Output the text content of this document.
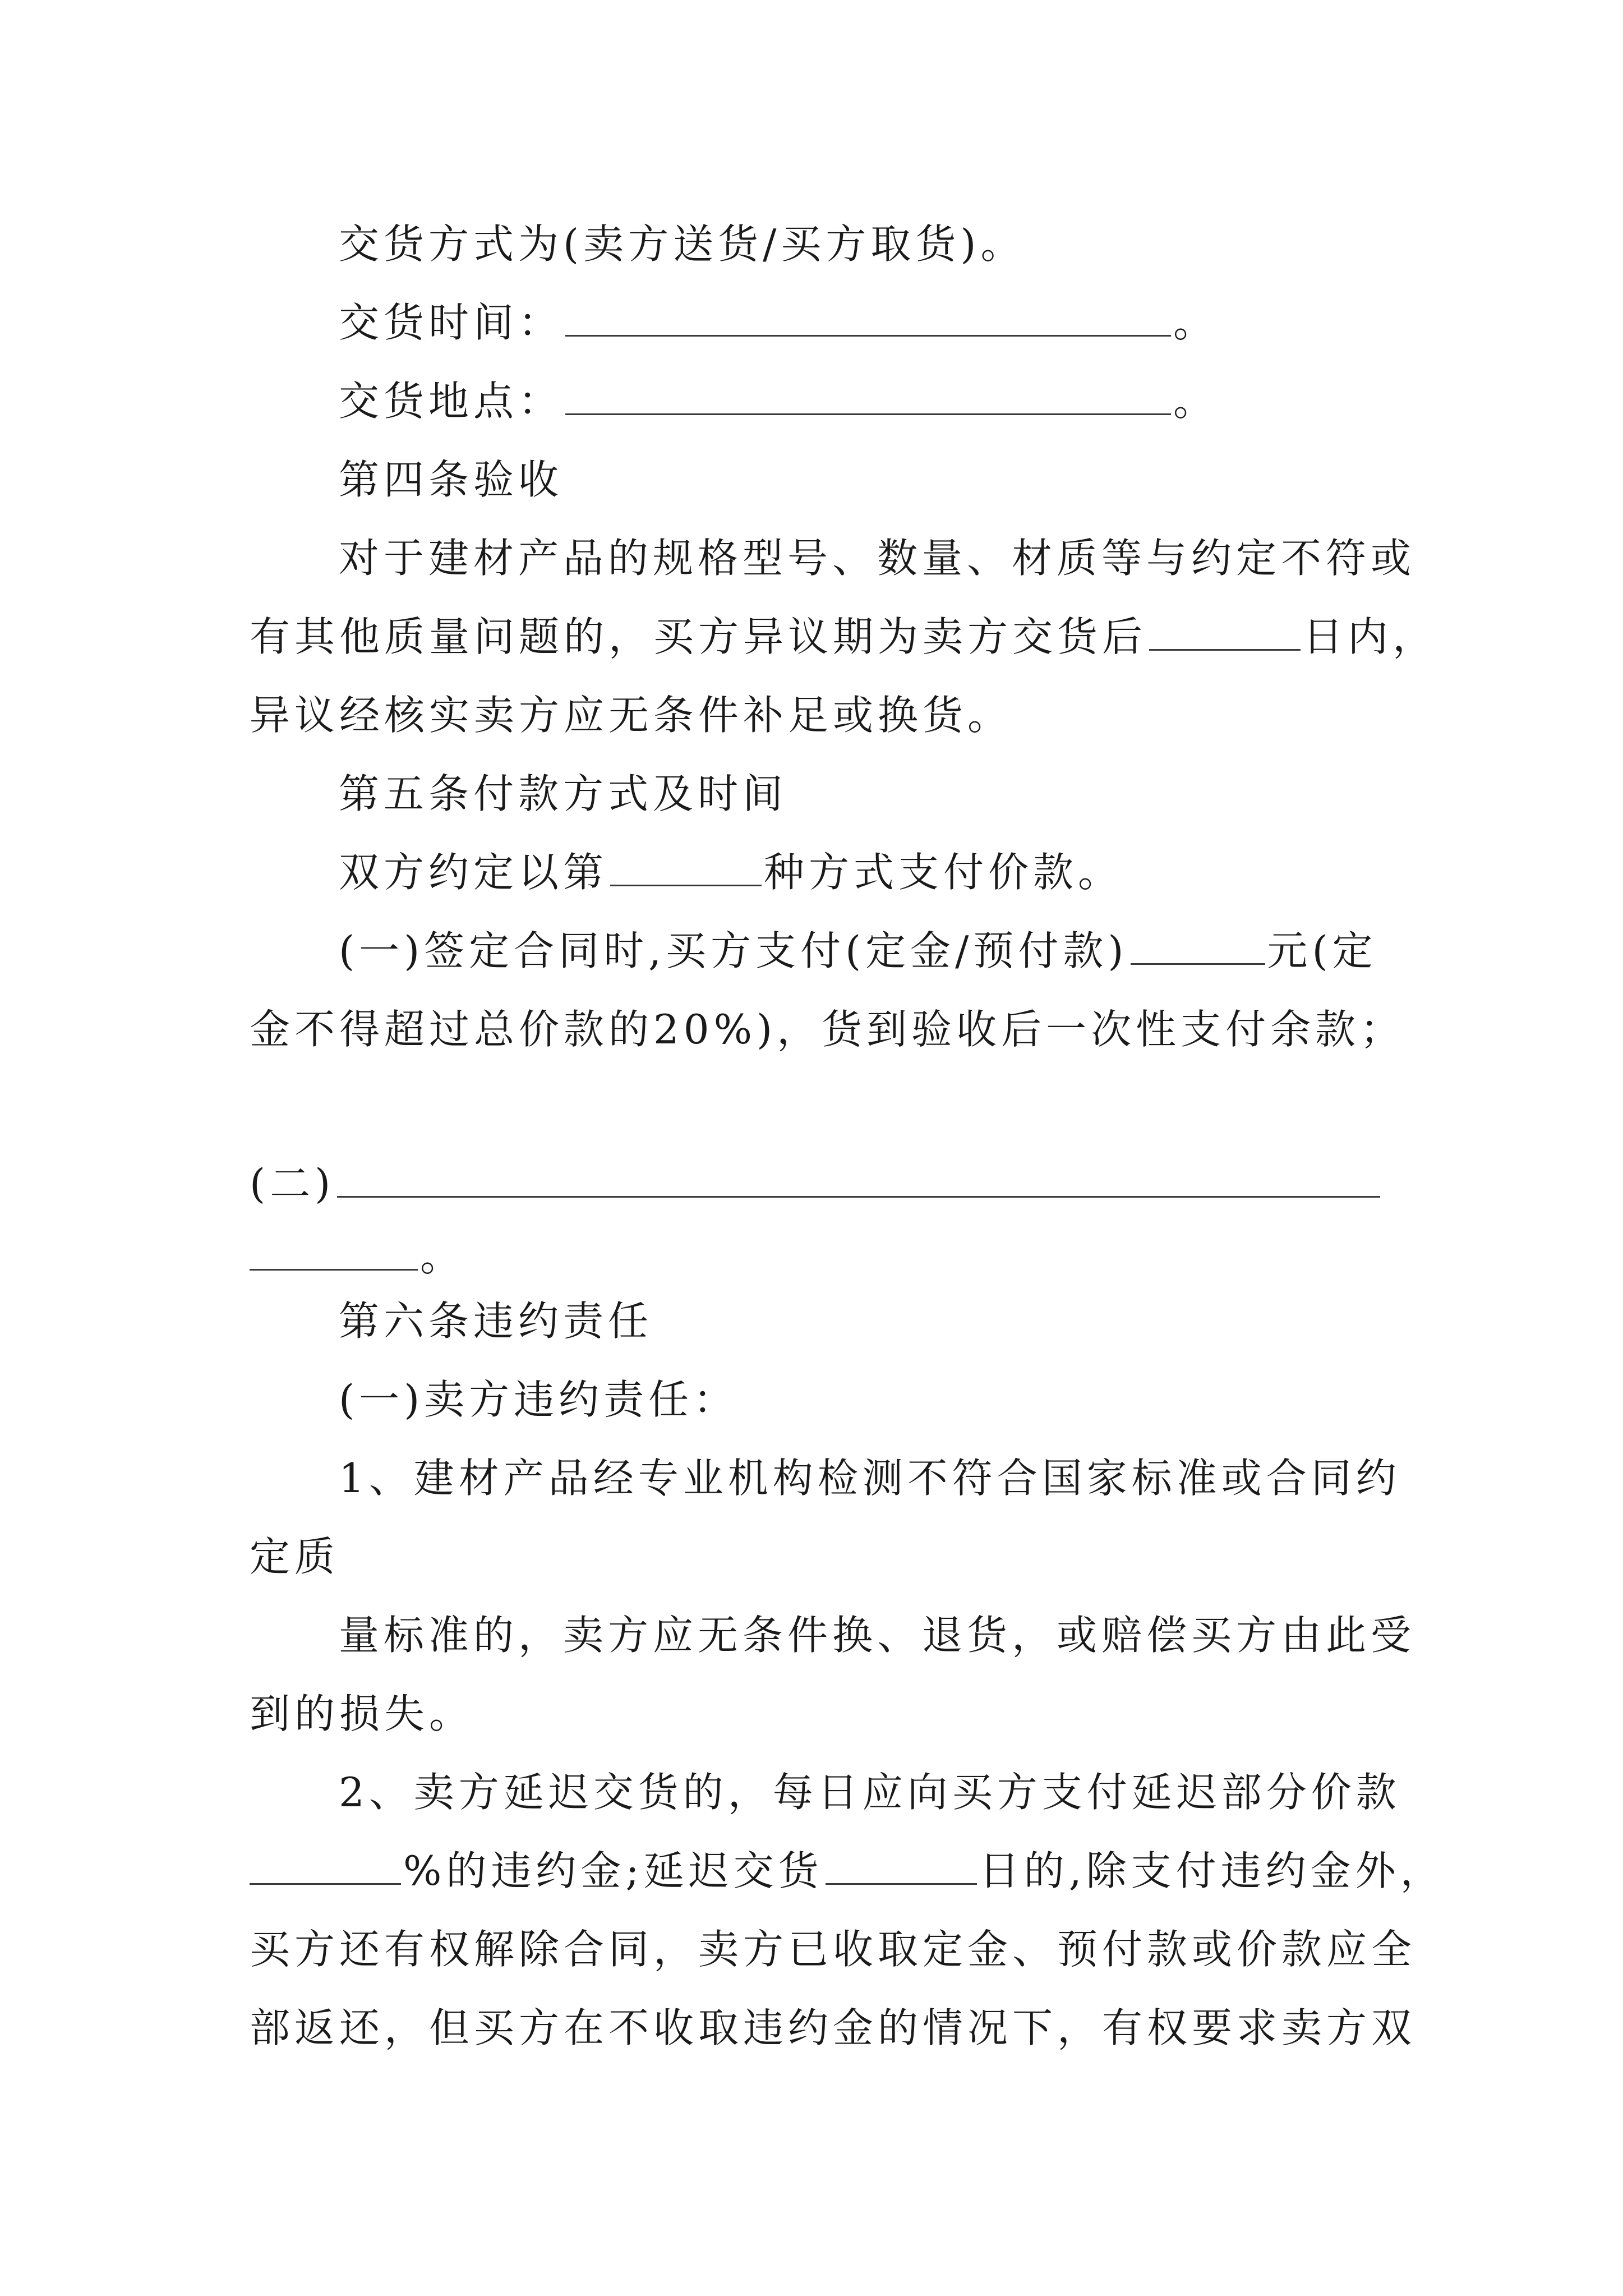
交货方式为(卖方送货/买方取货)。
交货时间：	。
交货地点：	。
第四条验收
对于建材产品的规格型号、数量、材质等与约定不符或
有其他质量问题的，买方异议期为卖方交货后	日内，
异议经核实卖方应无条件补足或换货。
第五条付款方式及时间
双方约定以第	种方式支付价款。
(一)签定合同时,买方支付(定金/预付款)	元(定
金不得超过总价款的20%)，货到验收后一次性支付余款；
(二)
。
第六条违约责任
(一)卖方违约责任：
1、建材产品经专业机构检测不符合国家标准或合同约
定质
量标准的，卖方应无条件换、退货，或赔偿买方由此受
到的损失。
2、卖方延迟交货的，每日应向买方支付延迟部分价款
%的违约金;延迟交货	日的,除支付违约金外，
买方还有权解除合同，卖方已收取定金、预付款或价款应全
部返还，但买方在不收取违约金的情况下，有权要求卖方双
